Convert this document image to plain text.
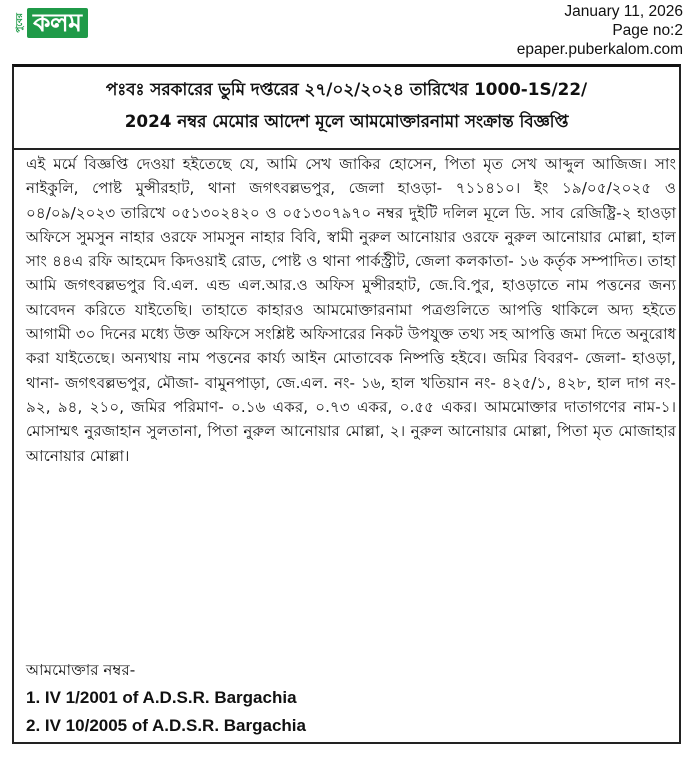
পুবের কলম	January 11, 2026
Page no:2
epaper.puberkalom.com
পঃবঃ সরকারের ভুমি দপ্তরের ২৭/০২/২০২৪ তারিখের 1000-1S/22/
2024 নম্বর মেমোর আদেশ মূলে আমমোক্তারনামা সংক্রান্ত বিজ্ঞপ্তি

এই মর্মে বিজ্ঞপ্তি দেওয়া হইতেছে যে, আমি সেখ জাকির হোসেন, পিতা মৃত সেখ আব্দুল আজিজ। সাং নাইকুলি, পোষ্ট মুন্সীরহাট, থানা জগৎবল্লভপুর, জেলা হাওড়া- ৭১১৪১০। ইং ১৯/০৫/২০২৫ ও ০৪/০৯/২০২৩ তারিখে ০৫১৩০২৪২০ ও ০৫১৩০৭৯৭০ নম্বর দুইটি দলিল মূলে ডি. সাব রেজিষ্ট্রি-২ হাওড়া অফিসে সুমসুন নাহার ওরফে সামসুন নাহার বিবি, স্বামী নুরুল আনোয়ার ওরফে নুরুল আনোয়ার মোল্লা, হাল সাং ৪৪এ রফি আহমেদ কিদওয়াই রোড, পোষ্ট ও থানা পার্কস্ট্রীট, জেলা কলকাতা- ১৬ কর্তৃক সম্পাদিত। তাহা আমি জগৎবল্লভপুর বি.এল. এন্ড এল.আর.ও অফিস মুন্সীরহাট, জে.বি.পুর, হাওড়াতে নাম পত্তনের জন্য আবেদন করিতে যাইতেছি। তাহাতে কাহারও আমমোক্তারনামা পত্রগুলিতে আপত্তি থাকিলে অদ্য হইতে আগামী ৩০ দিনের মধ্যে উক্ত অফিসে সংশ্লিষ্ট অফিসারের নিকট উপযুক্ত তথ্য সহ আপত্তি জমা দিতে অনুরোধ করা যাইতেছে। অন্যথায় নাম পত্তনের কার্য্য আইন মোতাবেক নিষ্পত্তি হইবে। জমির বিবরণ- জেলা- হাওড়া, থানা- জগৎবল্লভপুর, মৌজা- বামুনপাড়া, জে.এল. নং- ১৬, হাল খতিয়ান নং- ৪২৫/১, ৪২৮, হাল দাগ নং- ৯২, ৯৪, ২১০, জমির পরিমাণ- ০.১৬ একর, ০.৭৩ একর, ০.৫৫ একর। আমমোক্তার দাতাগণের নাম-১। মোসাম্মৎ নুরজাহান সুলতানা, পিতা নুরুল আনোয়ার মোল্লা, ২। নুরুল আনোয়ার মোল্লা, পিতা মৃত মোজাহার আনোয়ার মোল্লা।

আমমোক্তার নম্বর-
1. IV 1/2001 of A.D.S.R. Bargachia
2. IV 10/2005 of A.D.S.R. Bargachia
